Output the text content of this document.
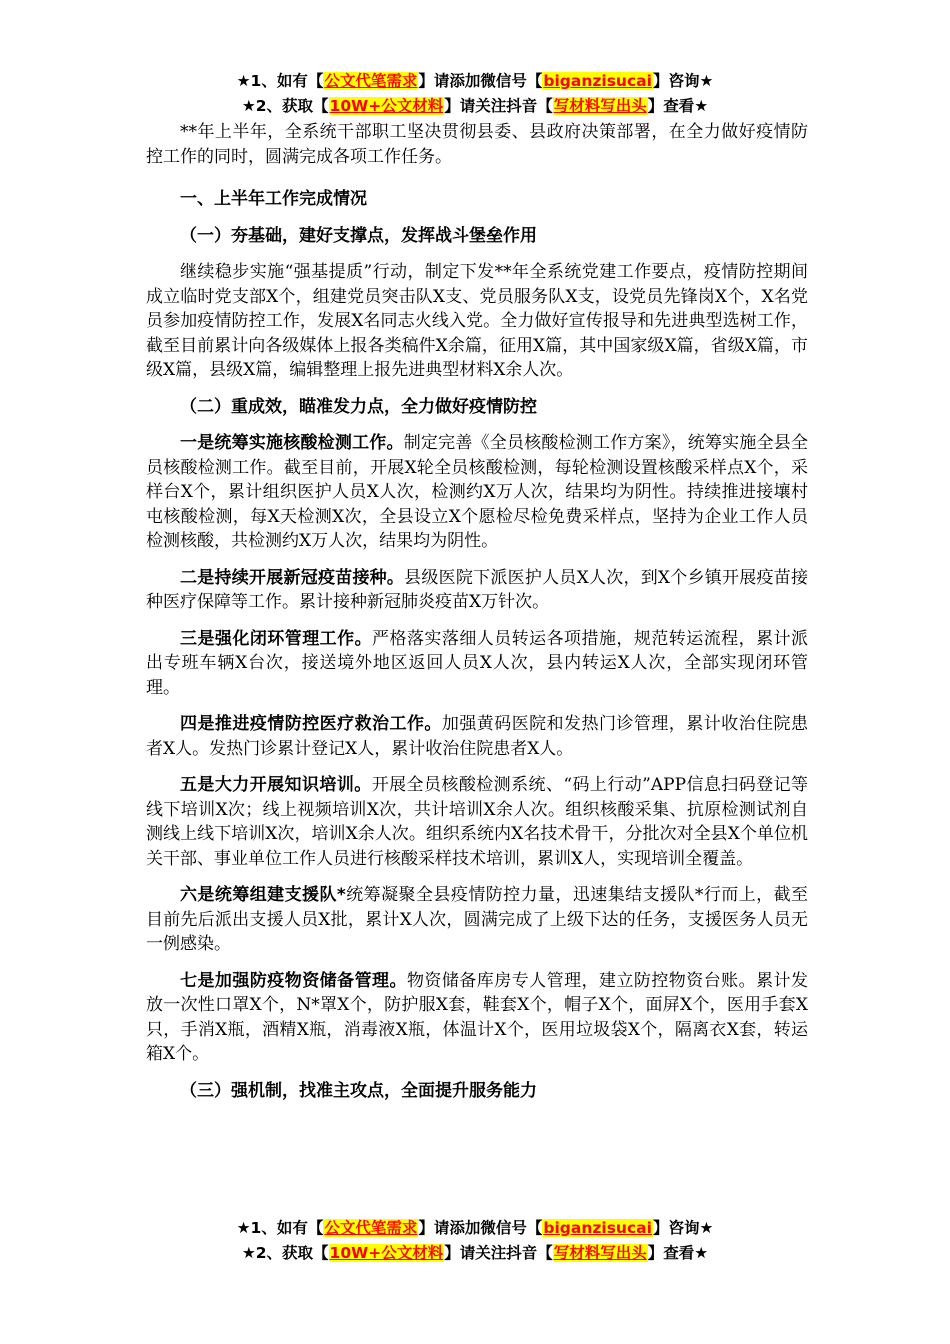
★1、如有【公文代笔需求】请添加微信号【biganzisucai】咨询★
★2、获取【10W+公文材料】请关注抖音【写材料写出头】查看★

**年上半年，全系统干部职工坚决贯彻县委、县政府决策部署，在全力做好疫情防控工作的同时，圆满完成各项工作任务。

一、上半年工作完成情况
（一）夯基础，建好支撑点，发挥战斗堡垒作用

继续稳步实施“强基提质”行动，制定下发**年全系统党建工作要点，疫情防控期间成立临时党支部X个，组建党员突击队X支、党员服务队X支，设党员先锋岗X个，X名党员参加疫情防控工作，发展X名同志火线入党。全力做好宣传报导和先进典型选树工作，截至目前累计向各级媒体上报各类稿件X余篇，征用X篇，其中国家级X篇，省级X篇，市级X篇，县级X篇，编辑整理上报先进典型材料X余人次。

（二）重成效，瞄准发力点，全力做好疫情防控

一是统筹实施核酸检测工作。制定完善《全员核酸检测工作方案》，统筹实施全县全员核酸检测工作。截至目前，开展X轮全员核酸检测，每轮检测设置核酸采样点X个，采样台X个，累计组织医护人员X人次，检测约X万人次，结果均为阴性。持续推进接壤村屯核酸检测，每X天检测X次，全县设立X个愿检尽检免费采样点，坚持为企业工作人员检测核酸，共检测约X万人次，结果均为阴性。

二是持续开展新冠疫苗接种。县级医院下派医护人员X人次，到X个乡镇开展疫苗接种医疗保障等工作。累计接种新冠肺炎疫苗X万针次。

三是强化闭环管理工作。严格落实落细人员转运各项措施，规范转运流程，累计派出专班车辆X台次，接送境外地区返回人员X人次，县内转运X人次，全部实现闭环管理。

四是推进疫情防控医疗救治工作。加强黄码医院和发热门诊管理，累计收治住院患者X人。发热门诊累计登记X人，累计收治住院患者X人。

五是大力开展知识培训。开展全员核酸检测系统、“码上行动”APP信息扫码登记等线下培训X次；线上视频培训X次，共计培训X余人次。组织核酸采集、抗原检测试剂自测线上线下培训X次，培训X余人次。组织系统内X名技术骨干，分批次对全县X个单位机关干部、事业单位工作人员进行核酸采样技术培训，累训X人，实现培训全覆盖。

六是统筹组建支援队*统筹凝聚全县疫情防控力量，迅速集结支援队*行而上，截至目前先后派出支援人员X批，累计X人次，圆满完成了上级下达的任务，支援医务人员无一例感染。

七是加强防疫物资储备管理。物资储备库房专人管理，建立防控物资台账。累计发放一次性口罩X个，N*罩X个，防护服X套，鞋套X个，帽子X个，面屏X个，医用手套X只，手消X瓶，酒精X瓶，消毒液X瓶，体温计X个，医用垃圾袋X个，隔离衣X套，转运箱X个。

（三）强机制，找准主攻点，全面提升服务能力
★1、如有【公文代笔需求】请添加微信号【biganzisucai】咨询★
★2、获取【10W+公文材料】请关注抖音【写材料写出头】查看★
